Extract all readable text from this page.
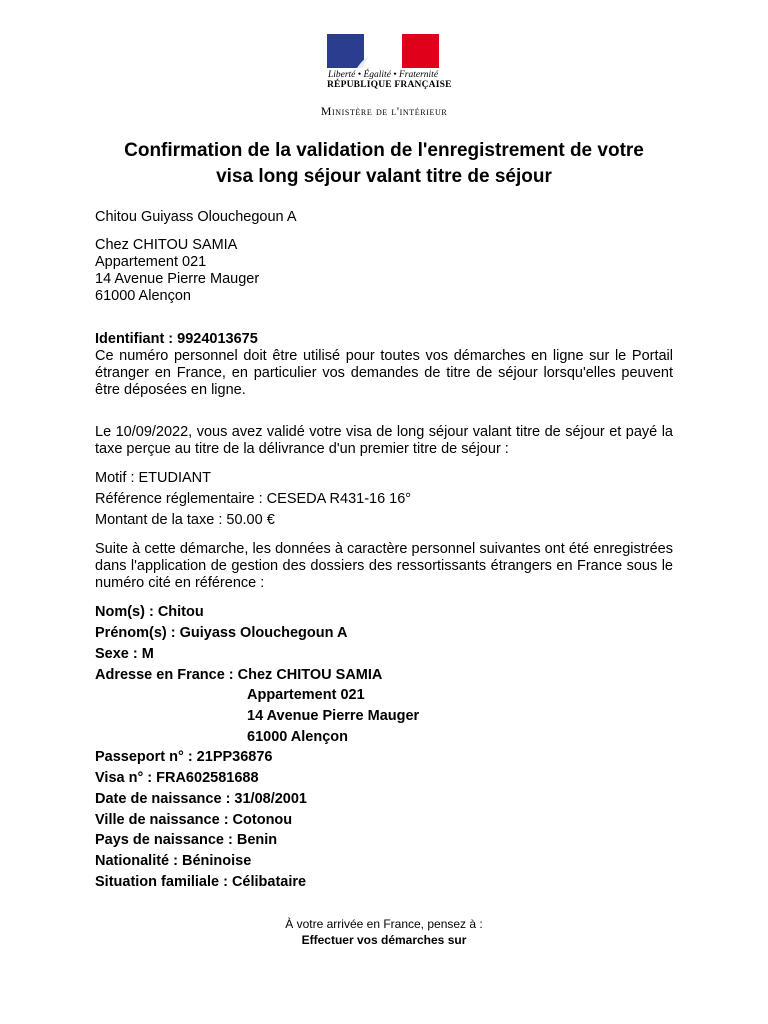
Liberté • Égalité • Fraternité
RÉPUBLIQUE FRANÇAISE
Ministère de l'intérieur
Confirmation de la validation de l'enregistrement de votre
visa long séjour valant titre de séjour
Chitou Guiyass Olouchegoun A
Chez CHITOU SAMIA
Appartement 021
14 Avenue Pierre Mauger
61000 Alençon
Identifiant : 9924013675
Ce numéro personnel doit être utilisé pour toutes vos démarches en ligne sur le Portail étranger en France, en particulier vos demandes de titre de séjour lorsqu'elles peuvent être déposées en ligne.
Le 10/09/2022, vous avez validé votre visa de long séjour valant titre de séjour et payé la taxe perçue au titre de la délivrance d'un premier titre de séjour :
Motif : ETUDIANT
Référence réglementaire : CESEDA R431-16 16°
Montant de la taxe : 50.00 €
Suite à cette démarche, les données à caractère personnel suivantes ont été enregistrées dans l'application de gestion des dossiers des ressortissants étrangers en France sous le numéro cité en référence :
Nom(s) : Chitou
Prénom(s) : Guiyass Olouchegoun A
Sexe : M
Adresse en France : Chez CHITOU SAMIA
Appartement 021
14 Avenue Pierre Mauger
61000 Alençon
Passeport n° : 21PP36876
Visa n° : FRA602581688
Date de naissance : 31/08/2001
Ville de naissance : Cotonou
Pays de naissance : Benin
Nationalité : Béninoise
Situation familiale : Célibataire
À votre arrivée en France, pensez à :
Effectuer vos démarches sur
